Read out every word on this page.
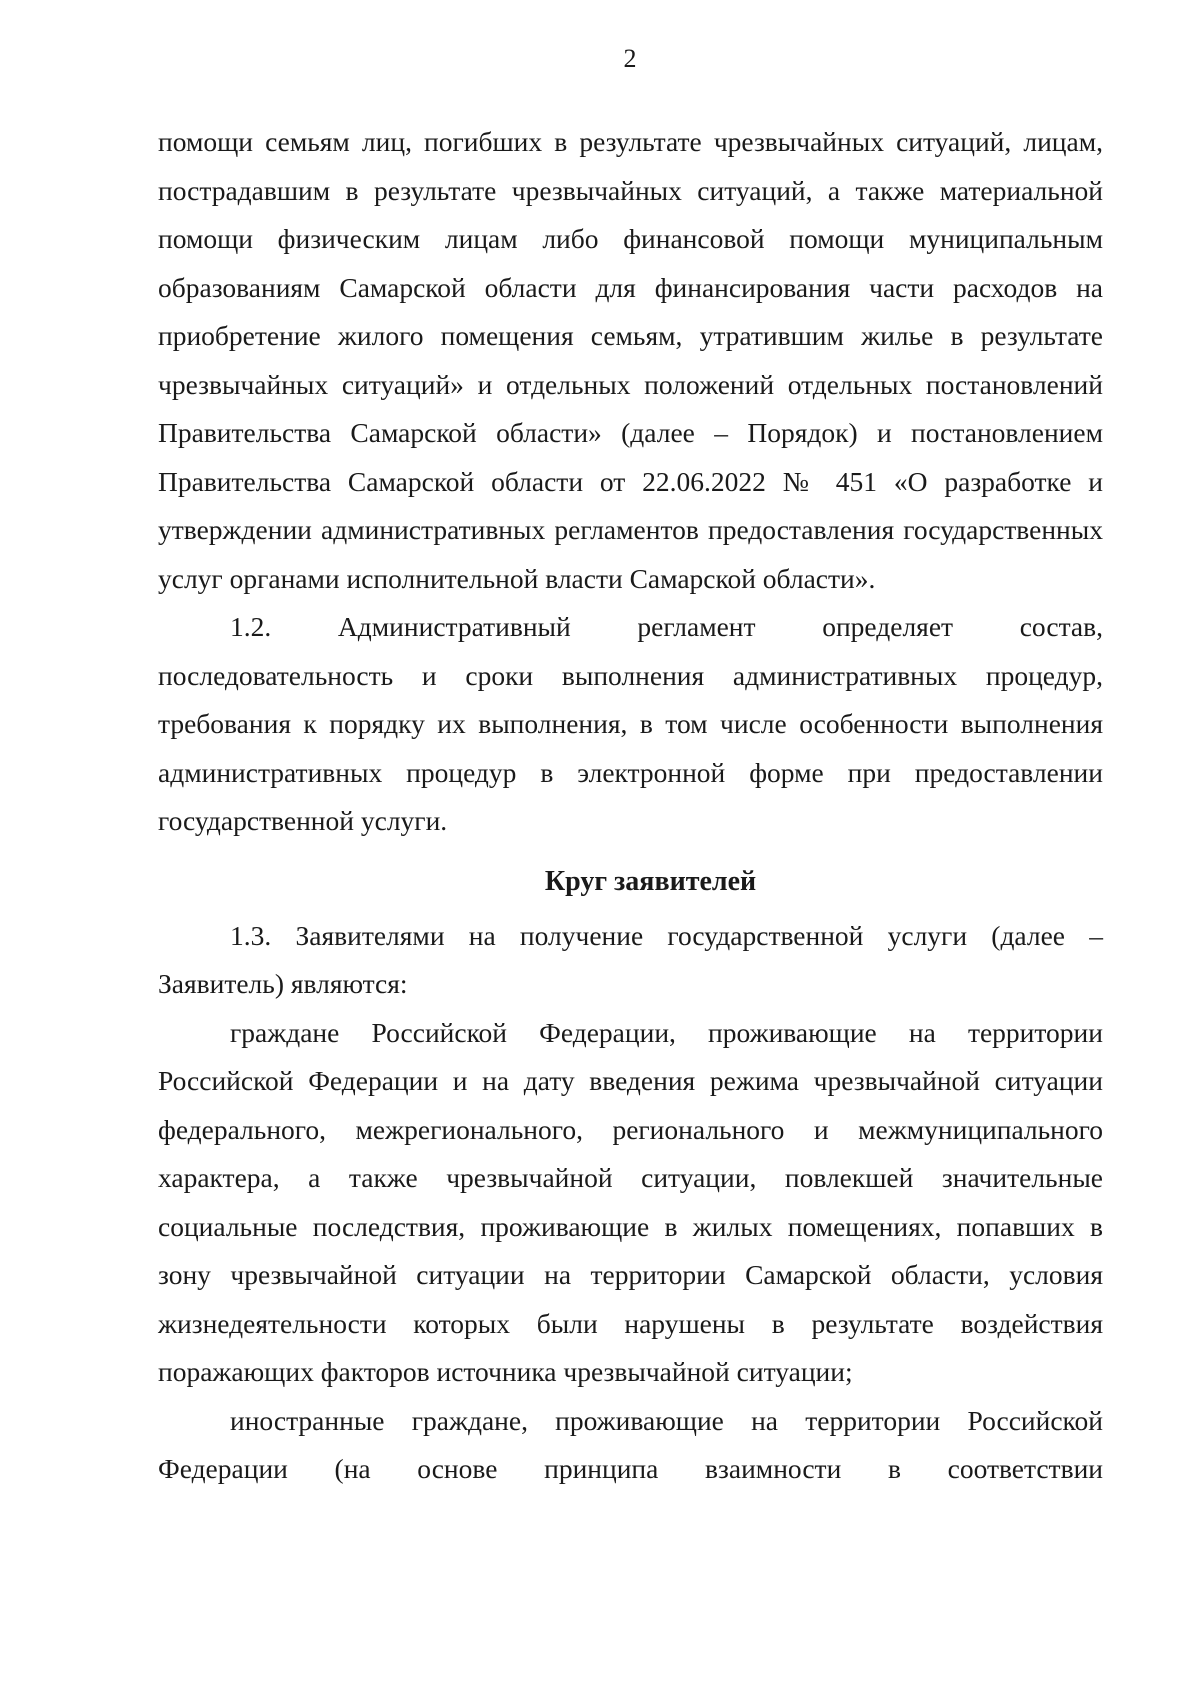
2

помощи семьям лиц, погибших в результате чрезвычайных ситуаций, лицам, пострадавшим в результате чрезвычайных ситуаций, а также материальной помощи физическим лицам либо финансовой помощи муниципальным образованиям Самарской области для финансирования части расходов на приобретение жилого помещения семьям, утратившим жилье в результате чрезвычайных ситуаций» и отдельных положений отдельных постановлений Правительства Самарской области» (далее – Порядок) и постановлением Правительства Самарской области от 22.06.2022 № 451 «О разработке и утверждении административных регламентов предоставления государственных услуг органами исполнительной власти Самарской области».

1.2. Административный регламент определяет состав, последовательность и сроки выполнения административных процедур, требования к порядку их выполнения, в том числе особенности выполнения административных процедур в электронной форме при предоставлении государственной услуги.

Круг заявителей

1.3. Заявителями на получение государственной услуги (далее – Заявитель) являются:

граждане Российской Федерации, проживающие на территории Российской Федерации и на дату введения режима чрезвычайной ситуации федерального, межрегионального, регионального и межмуниципального характера, а также чрезвычайной ситуации, повлекшей значительные социальные последствия, проживающие в жилых помещениях, попавших в зону чрезвычайной ситуации на территории Самарской области, условия жизнедеятельности которых были нарушены в результате воздействия поражающих факторов источника чрезвычайной ситуации;

иностранные граждане, проживающие на территории Российской Федерации (на основе принципа взаимности в соответствии
